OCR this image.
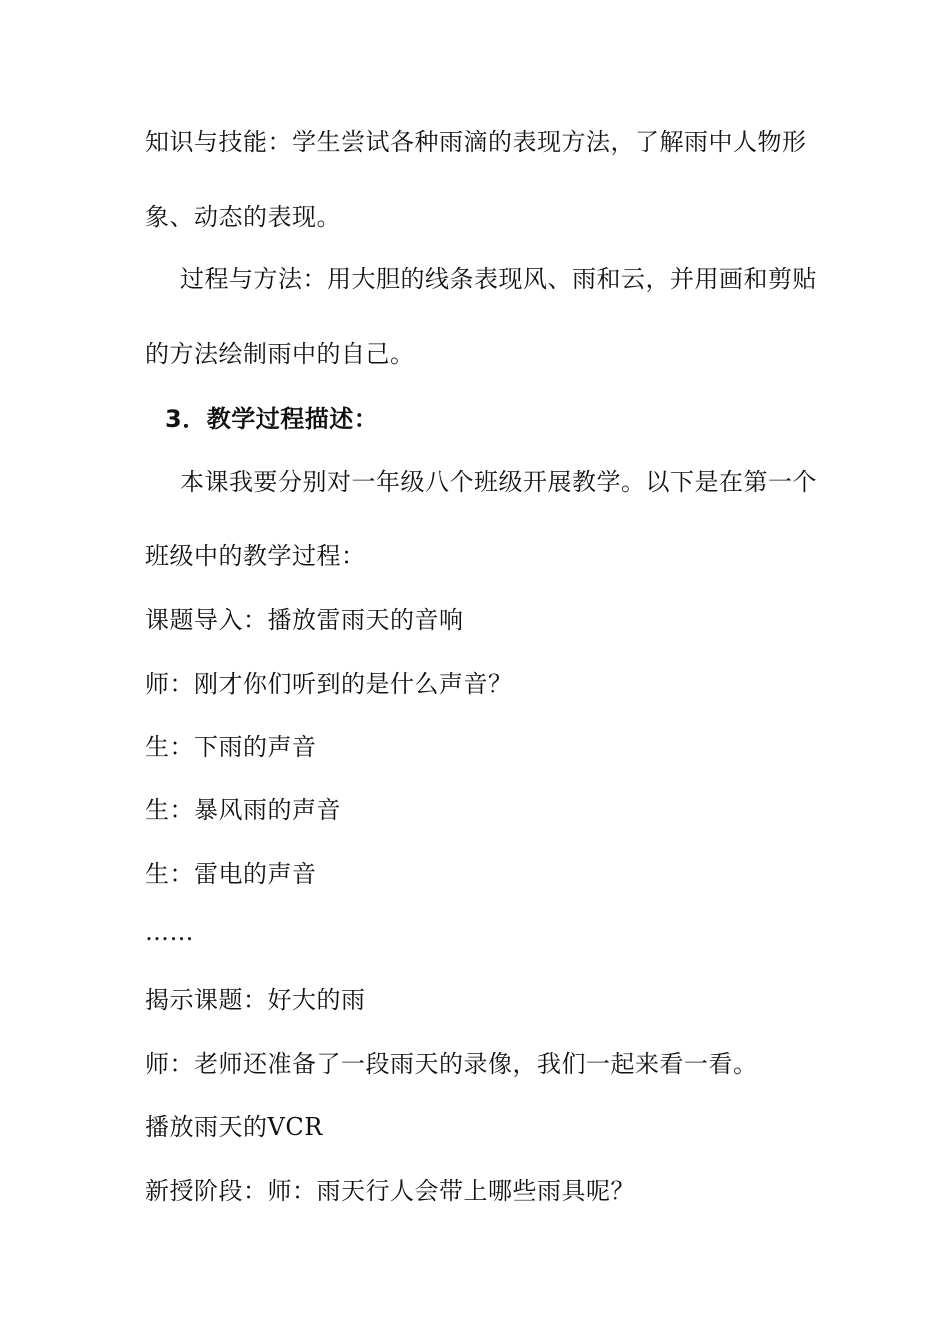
知识与技能：学生尝试各种雨滴的表现方法，了解雨中人物形
象、动态的表现。
过程与方法：用大胆的线条表现风、雨和云，并用画和剪贴
的方法绘制雨中的自己。
3．教学过程描述：
本课我要分别对一年级八个班级开展教学。以下是在第一个
班级中的教学过程：
课题导入：播放雷雨天的音响
师：刚才你们听到的是什么声音？
生：下雨的声音
生：暴风雨的声音
生：雷电的声音
……
揭示课题：好大的雨
师：老师还准备了一段雨天的录像，我们一起来看一看。
播放雨天的VCR
新授阶段：师：雨天行人会带上哪些雨具呢？
